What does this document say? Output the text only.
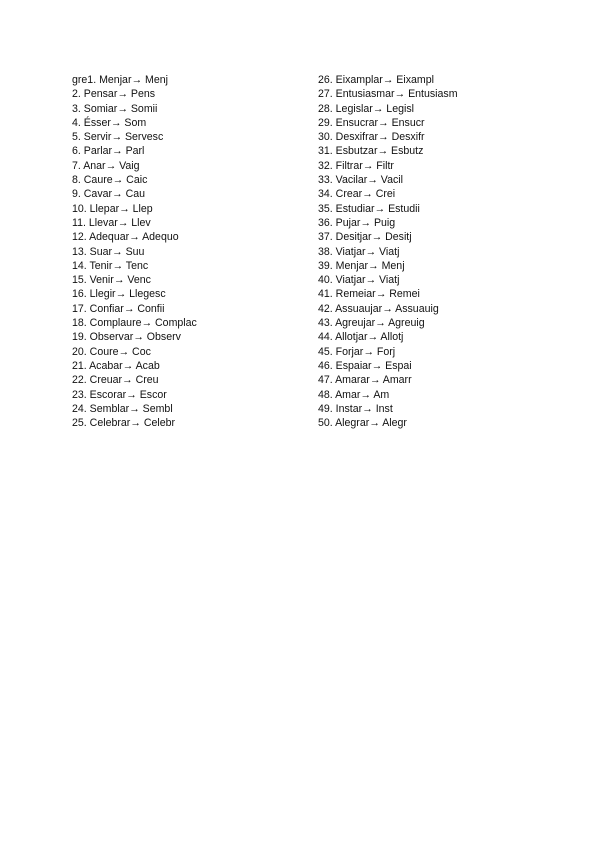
gre1. Menjar→ Menj
2. Pensar→ Pens
3. Somiar→ Somii
4. Ésser→ Som
5. Servir→ Servesc
6. Parlar→ Parl
7. Anar→ Vaig
8. Caure→ Caic
9. Cavar→ Cau
10. Llepar→ Llep
11. Llevar→ Llev
12. Adequar→ Adequo
13. Suar→ Suu
14. Tenir→ Tenc
15. Venir→ Venc
16. Llegir→ Llegesc
17. Confiar→ Confii
18. Complaure→ Complac
19. Observar→ Observ
20. Coure→ Coc
21. Acabar→ Acab
22. Creuar→ Creu
23. Escorar→ Escor
24. Semblar→ Sembl
25. Celebrar→ Celebr
26. Eixamplar→ Eixampl
27. Entusiasmar→ Entusiasm
28. Legislar→ Legisl
29. Ensucrar→ Ensucr
30. Desxifrar→ Desxifr
31. Esbutzar→ Esbutz
32. Filtrar→ Filtr
33. Vacilar→ Vacil
34. Crear→ Crei
35. Estudiar→ Estudii
36. Pujar→ Puig
37. Desitjar→ Desitj
38. Viatjar→ Viatj
39. Menjar→ Menj
40. Viatjar→ Viatj
41. Remeiar→ Remei
42. Assuaujar→ Assuauig
43. Agreujar→ Agreuig
44. Allotjar→ Allotj
45. Forjar→ Forj
46. Espaiar→ Espai
47. Amarar→ Amarr
48. Amar→ Am
49. Instar→ Inst
50. Alegrar→ Alegr
